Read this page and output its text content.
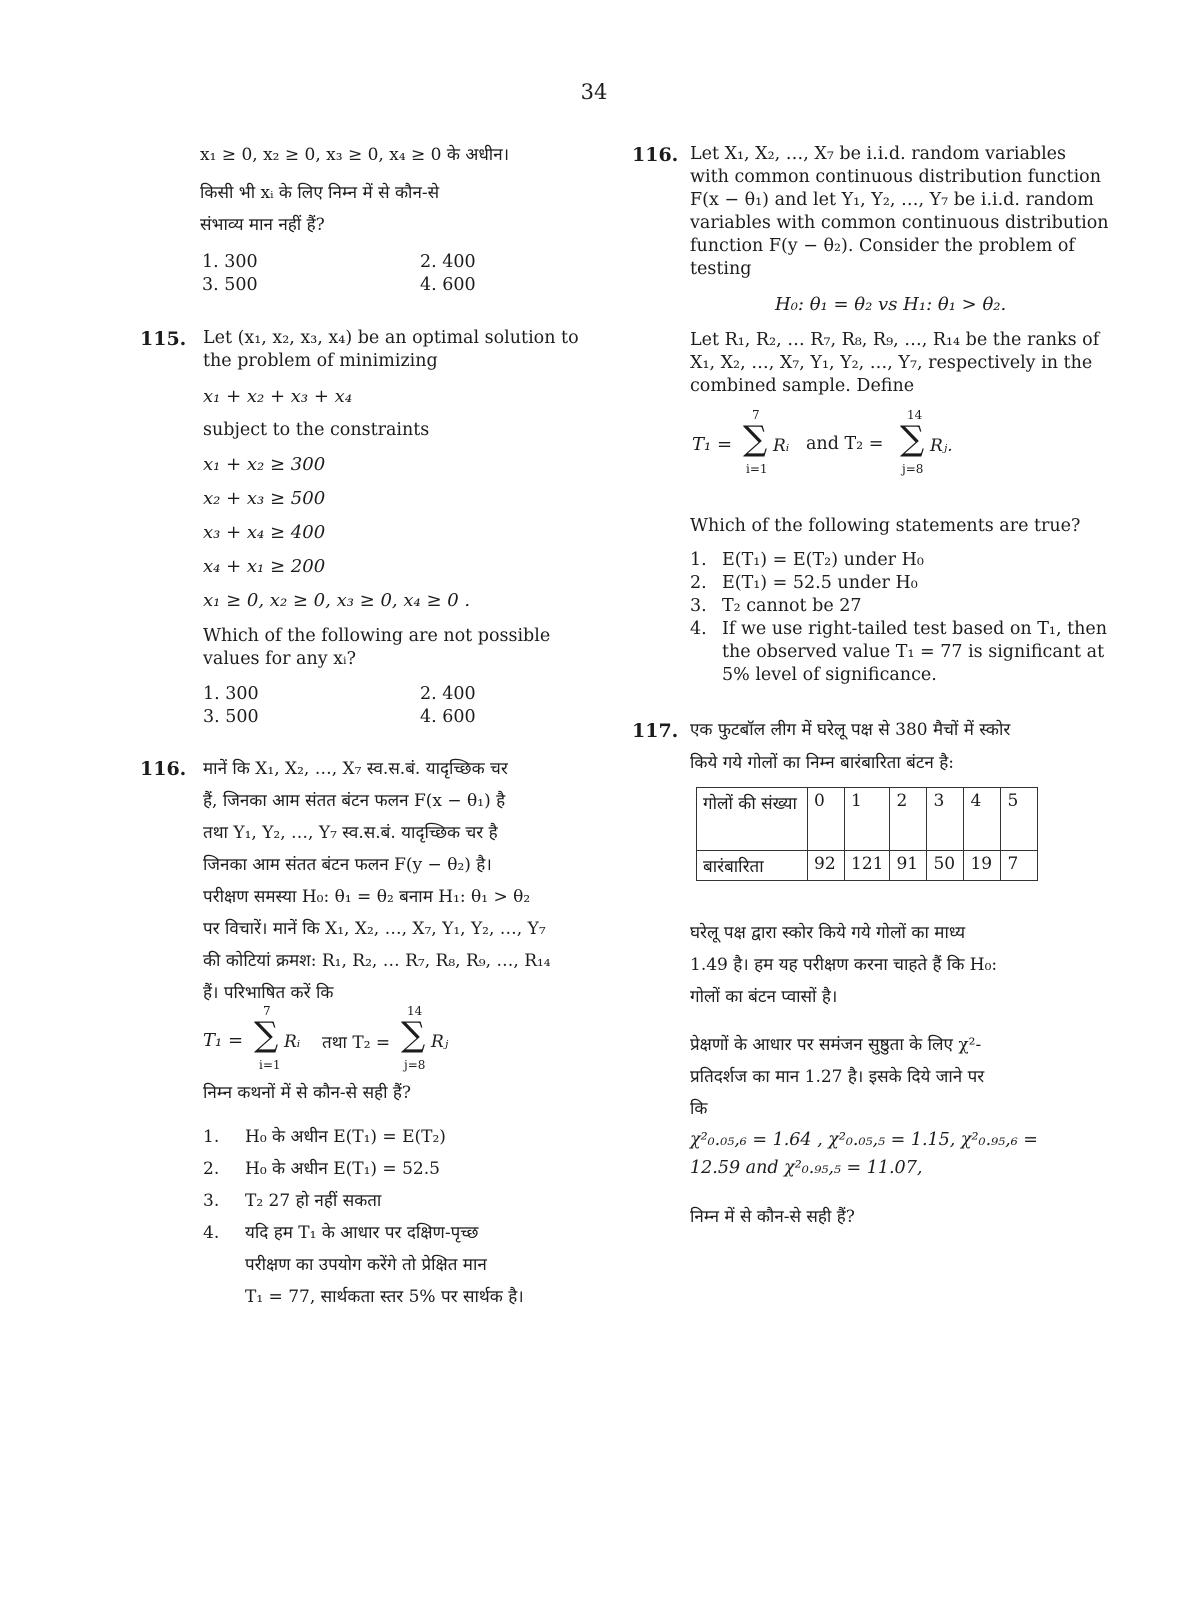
34
x₁ ≥ 0, x₂ ≥ 0, x₃ ≥ 0, x₄ ≥ 0 के अधीन।
किसी भी xᵢ के लिए निम्न में से कौन-से
संभाव्य मान नहीं हैं?
1. 300	2. 400
3. 500	4. 600
115. Let (x₁, x₂, x₃, x₄) be an optimal solution to
the problem of minimizing
x₁ + x₂ + x₃ + x₄
subject to the constraints
x₁ + x₂ ≥ 300
x₂ + x₃ ≥ 500
x₃ + x₄ ≥ 400
x₄ + x₁ ≥ 200
x₁ ≥ 0, x₂ ≥ 0, x₃ ≥ 0, x₄ ≥ 0 .
Which of the following are not possible
values for any xᵢ?
1. 300	2. 400
3. 500	4. 600
116. मानें कि X₁, X₂, …, X₇ स्व.स.बं. यादृच्छिक चर
हैं, जिनका आम संतत बंटन फलन F(x − θ₁) है
तथा Y₁, Y₂, …, Y₇ स्व.स.बं. यादृच्छिक चर है
जिनका आम संतत बंटन फलन F(y − θ₂) है।
परीक्षण समस्या H₀: θ₁ = θ₂ बनाम H₁: θ₁ > θ₂
पर विचारें। मानें कि X₁, X₂, …, X₇, Y₁, Y₂, …, Y₇
की कोटियां क्रमश: R₁, R₂, … R₇, R₈, R₉, …, R₁₄
हैं। परिभाषित करें कि
T₁ =
7
∑
i=1
Rᵢ तथा T₂ =
14
∑
j=8
Rⱼ
निम्न कथनों में से कौन-से सही हैं?
1. H₀ के अधीन E(T₁) = E(T₂)
2. H₀ के अधीन E(T₁) = 52.5
3. T₂ 27 हो नहीं सकता
4. यदि हम T₁ के आधार पर दक्षिण-पृच्छ
परीक्षण का उपयोग करेंगे तो प्रेक्षित मान
T₁ = 77, सार्थकता स्तर 5% पर सार्थक है।
116. Let X₁, X₂, …, X₇ be i.i.d. random variables
with common continuous distribution function
F(x − θ₁) and let Y₁, Y₂, …, Y₇ be i.i.d. random
variables with common continuous distribution
function F(y − θ₂). Consider the problem of
testing
H₀: θ₁ = θ₂ vs H₁: θ₁ > θ₂.
Let R₁, R₂, … R₇, R₈, R₉, …, R₁₄ be the ranks of
X₁, X₂, …, X₇, Y₁, Y₂, …, Y₇, respectively in the
combined sample. Define
T₁ =
7
∑
i=1
Rᵢ and T₂ =
14
∑
j=8
Rⱼ.
Which of the following statements are true?
1. E(T₁) = E(T₂) under H₀
2. E(T₁) = 52.5 under H₀
3. T₂ cannot be 27
4. If we use right-tailed test based on T₁, then
the observed value T₁ = 77 is significant at
5% level of significance.
117. एक फुटबॉल लीग में घरेलू पक्ष से 380 मैचों में स्कोर
किये गये गोलों का निम्न बारंबारिता बंटन है:
गोलों की संख्या	0	1	2	3	4	5
बारंबारिता	92	121	91	50	19	7
घरेलू पक्ष द्वारा स्कोर किये गये गोलों का माध्य
1.49 है। हम यह परीक्षण करना चाहते हैं कि H₀:
गोलों का बंटन प्वासों है।
प्रेक्षणों के आधार पर समंजन सुष्ठुता के लिए χ²-
प्रतिदर्शज का मान 1.27 है। इसके दिये जाने पर
कि
χ²₀.₀₅,₆ = 1.64 , χ²₀.₀₅,₅ = 1.15, χ²₀.₉₅,₆ =
12.59 and χ²₀.₉₅,₅ = 11.07,
निम्न में से कौन-से सही हैं?
